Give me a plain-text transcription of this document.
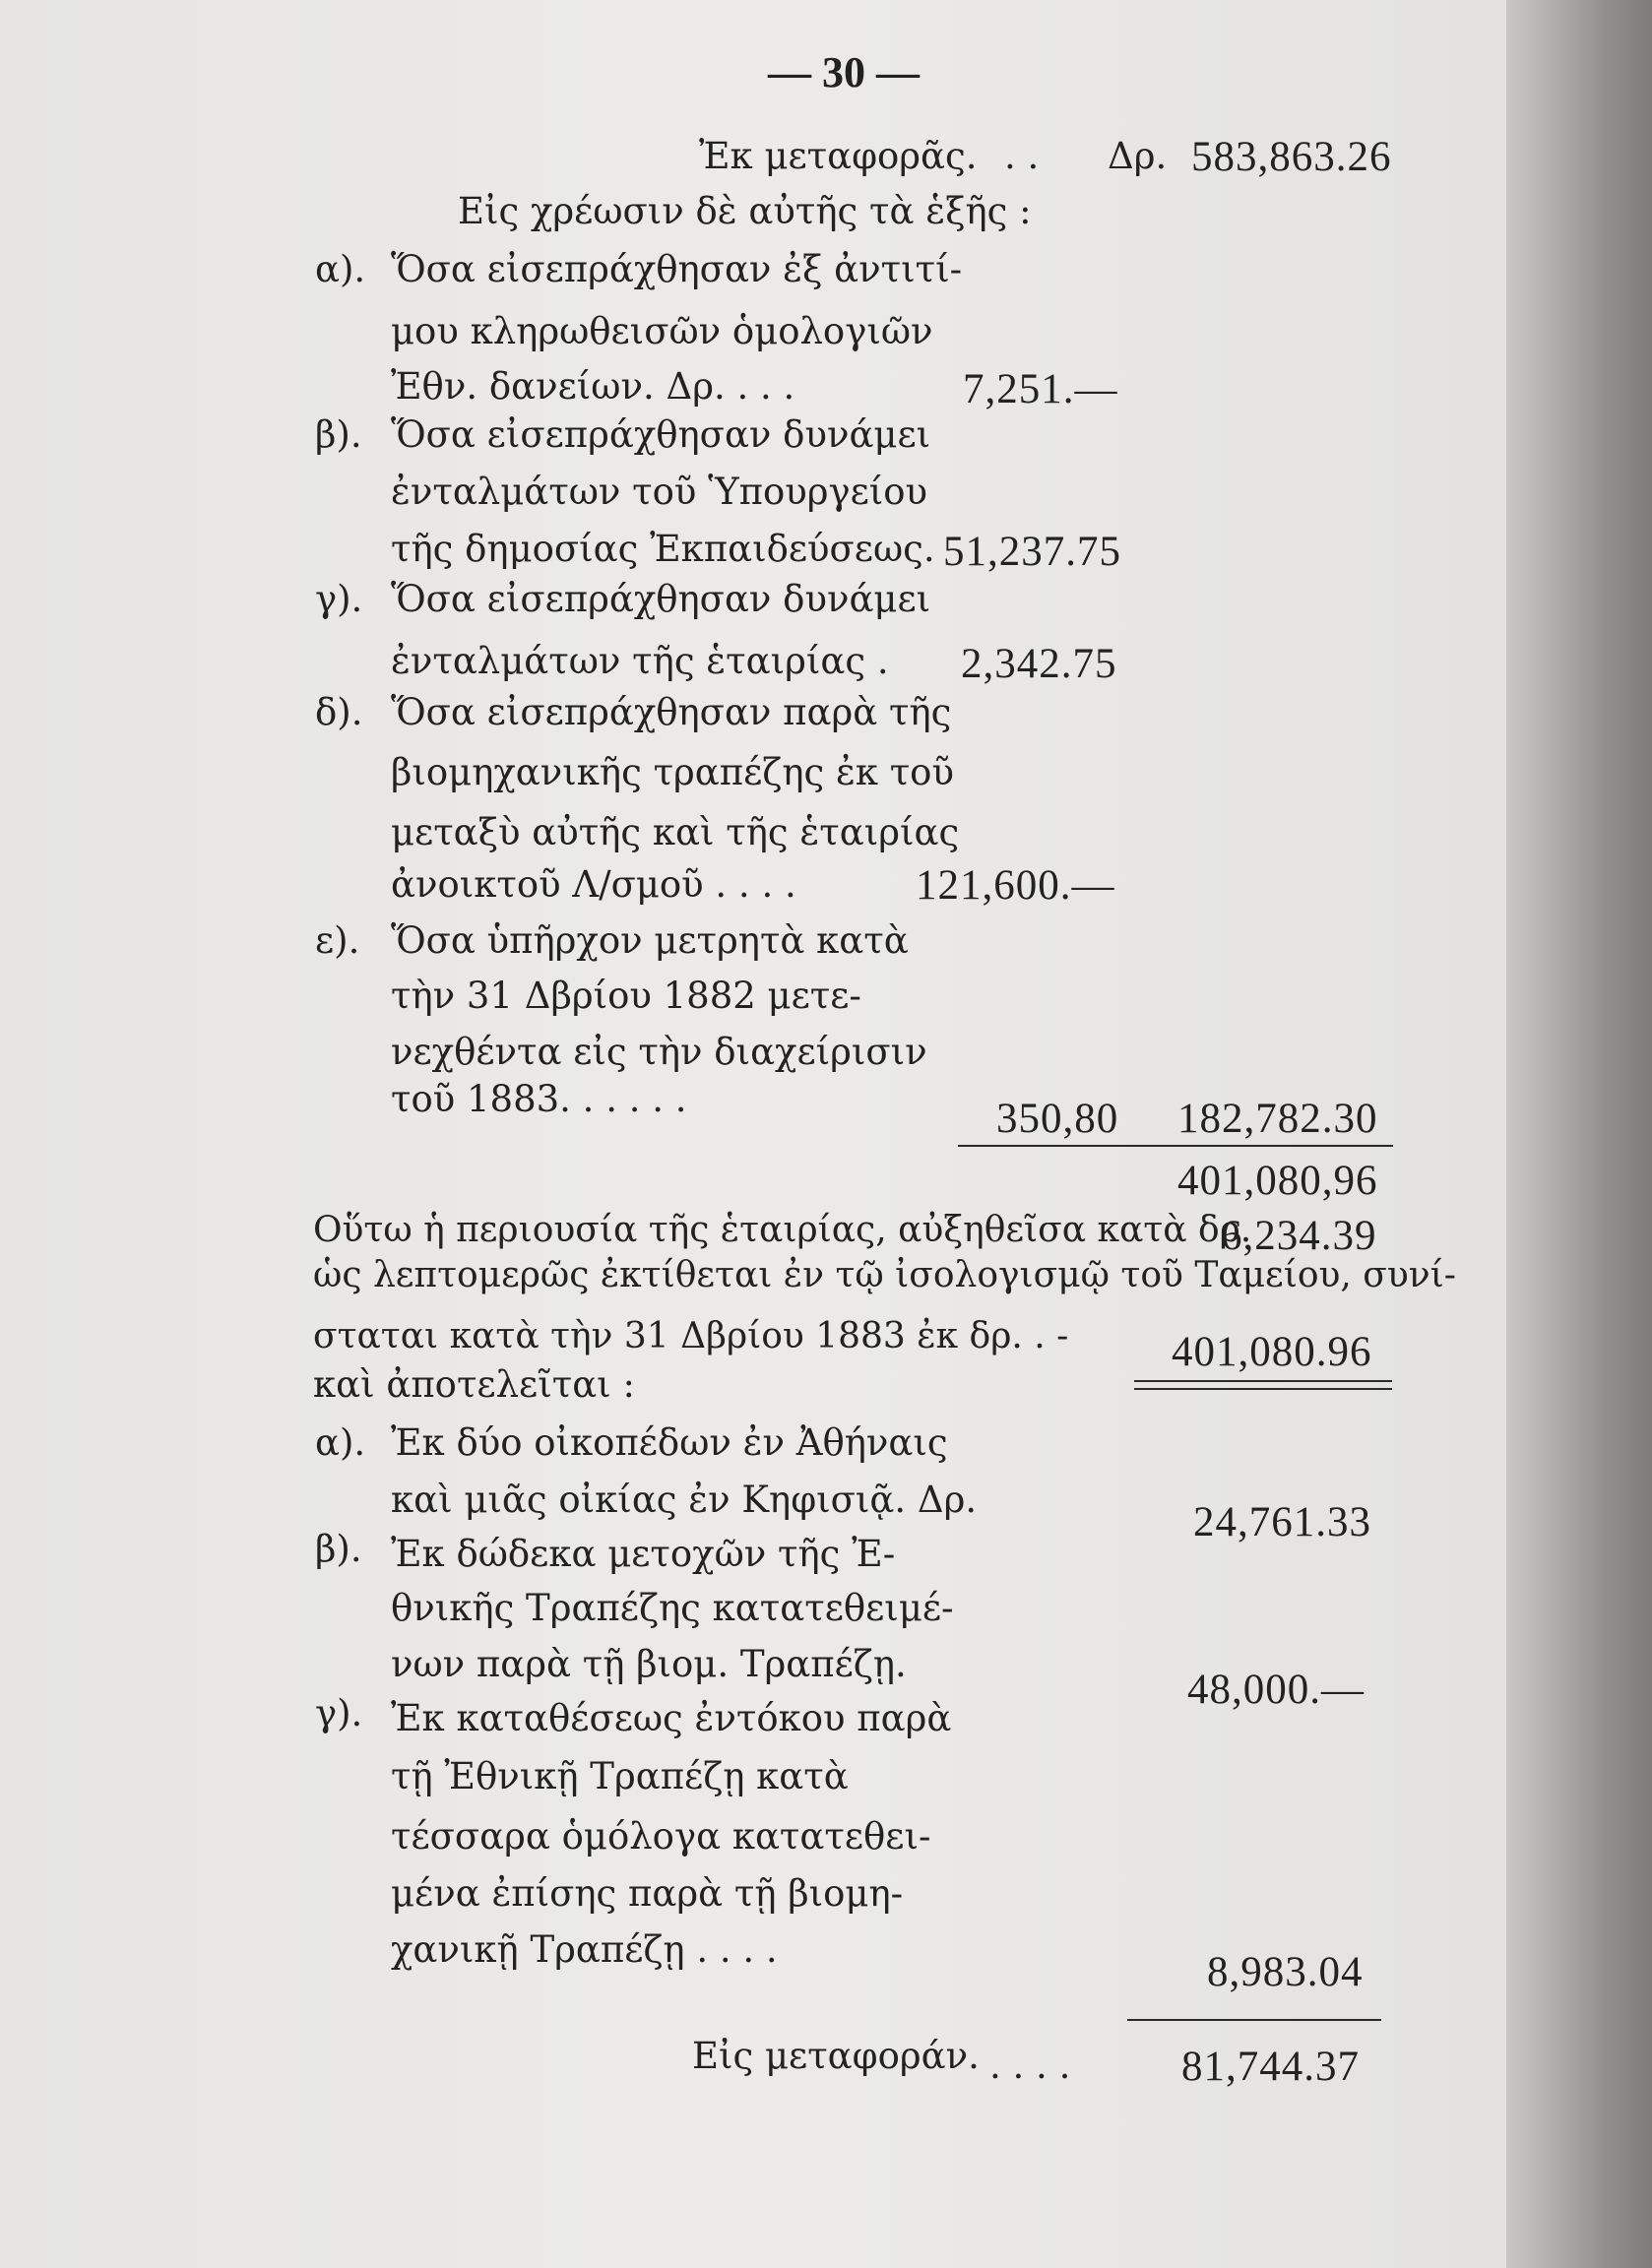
— 30 —
Ἐκ μεταφορᾶς. . . Δρ. 583,863.26
Εἰς χρέωσιν δὲ αὐτῆς τὰ ἑξῆς :
α). Ὅσα εἰσεπράχθησαν ἐξ ἀντιτί-
μου κληρωθεισῶν ὁμολογιῶν
Ἐθν. δανείων. Δρ. . . .	7,251.—
β). Ὅσα εἰσεπράχθησαν δυνάμει
ἐνταλμάτων τοῦ Ὑπουργείου
τῆς δημοσίας Ἐκπαιδεύσεως. 51,237.75
γ). Ὅσα εἰσεπράχθησαν δυνάμει
ἐνταλμάτων τῆς ἑταιρίας . 2,342.75
δ). Ὅσα εἰσεπράχθησαν παρὰ τῆς
βιομηχανικῆς τραπέζης ἐκ τοῦ
μεταξὺ αὐτῆς καὶ τῆς ἑταιρίας
ἀνοικτοῦ Λ/σμοῦ . . . .	121,600.—
ε). Ὅσα ὑπῆρχον μετρητὰ κατὰ
τὴν 31 Δβρίου 1882 μετε-
νεχθέντα εἰς τὴν διαχείρισιν
τοῦ 1883. . . . . .	350,80 182,782.30
401,080,96
Οὕτω ἡ περιουσία τῆς ἑταιρίας, αὐξηθεῖσα κατὰ δρ.
6,234.39
ὡς λεπτομερῶς ἐκτίθεται ἐν τῷ ἰσολογισμῷ τοῦ Ταμείου, συνί-
σταται κατὰ τὴν 31 Δβρίου 1883 ἐκ δρ. . - 401,080.96
καὶ ἀποτελεῖται :
α). Ἐκ δύο οἰκοπέδων ἐν Ἀθήναις
καὶ μιᾶς οἰκίας ἐν Κηφισιᾷ. Δρ.	24,761.33
β). Ἐκ δώδεκα μετοχῶν τῆς Ἐ-
θνικῆς Τραπέζης κατατεθειμέ-
νων παρὰ τῇ βιομ. Τραπέζῃ.
48,000.—
γ). Ἐκ καταθέσεως ἐντόκου παρὰ
τῇ Ἐθνικῇ Τραπέζῃ κατὰ
τέσσαρα ὁμόλογα κατατεθει-
μένα ἐπίσης παρὰ τῇ βιομη-
χανικῇ Τραπέζῃ . . . .	8,983.04
Εἰς μεταφοράν. . . . .	81,744.37
